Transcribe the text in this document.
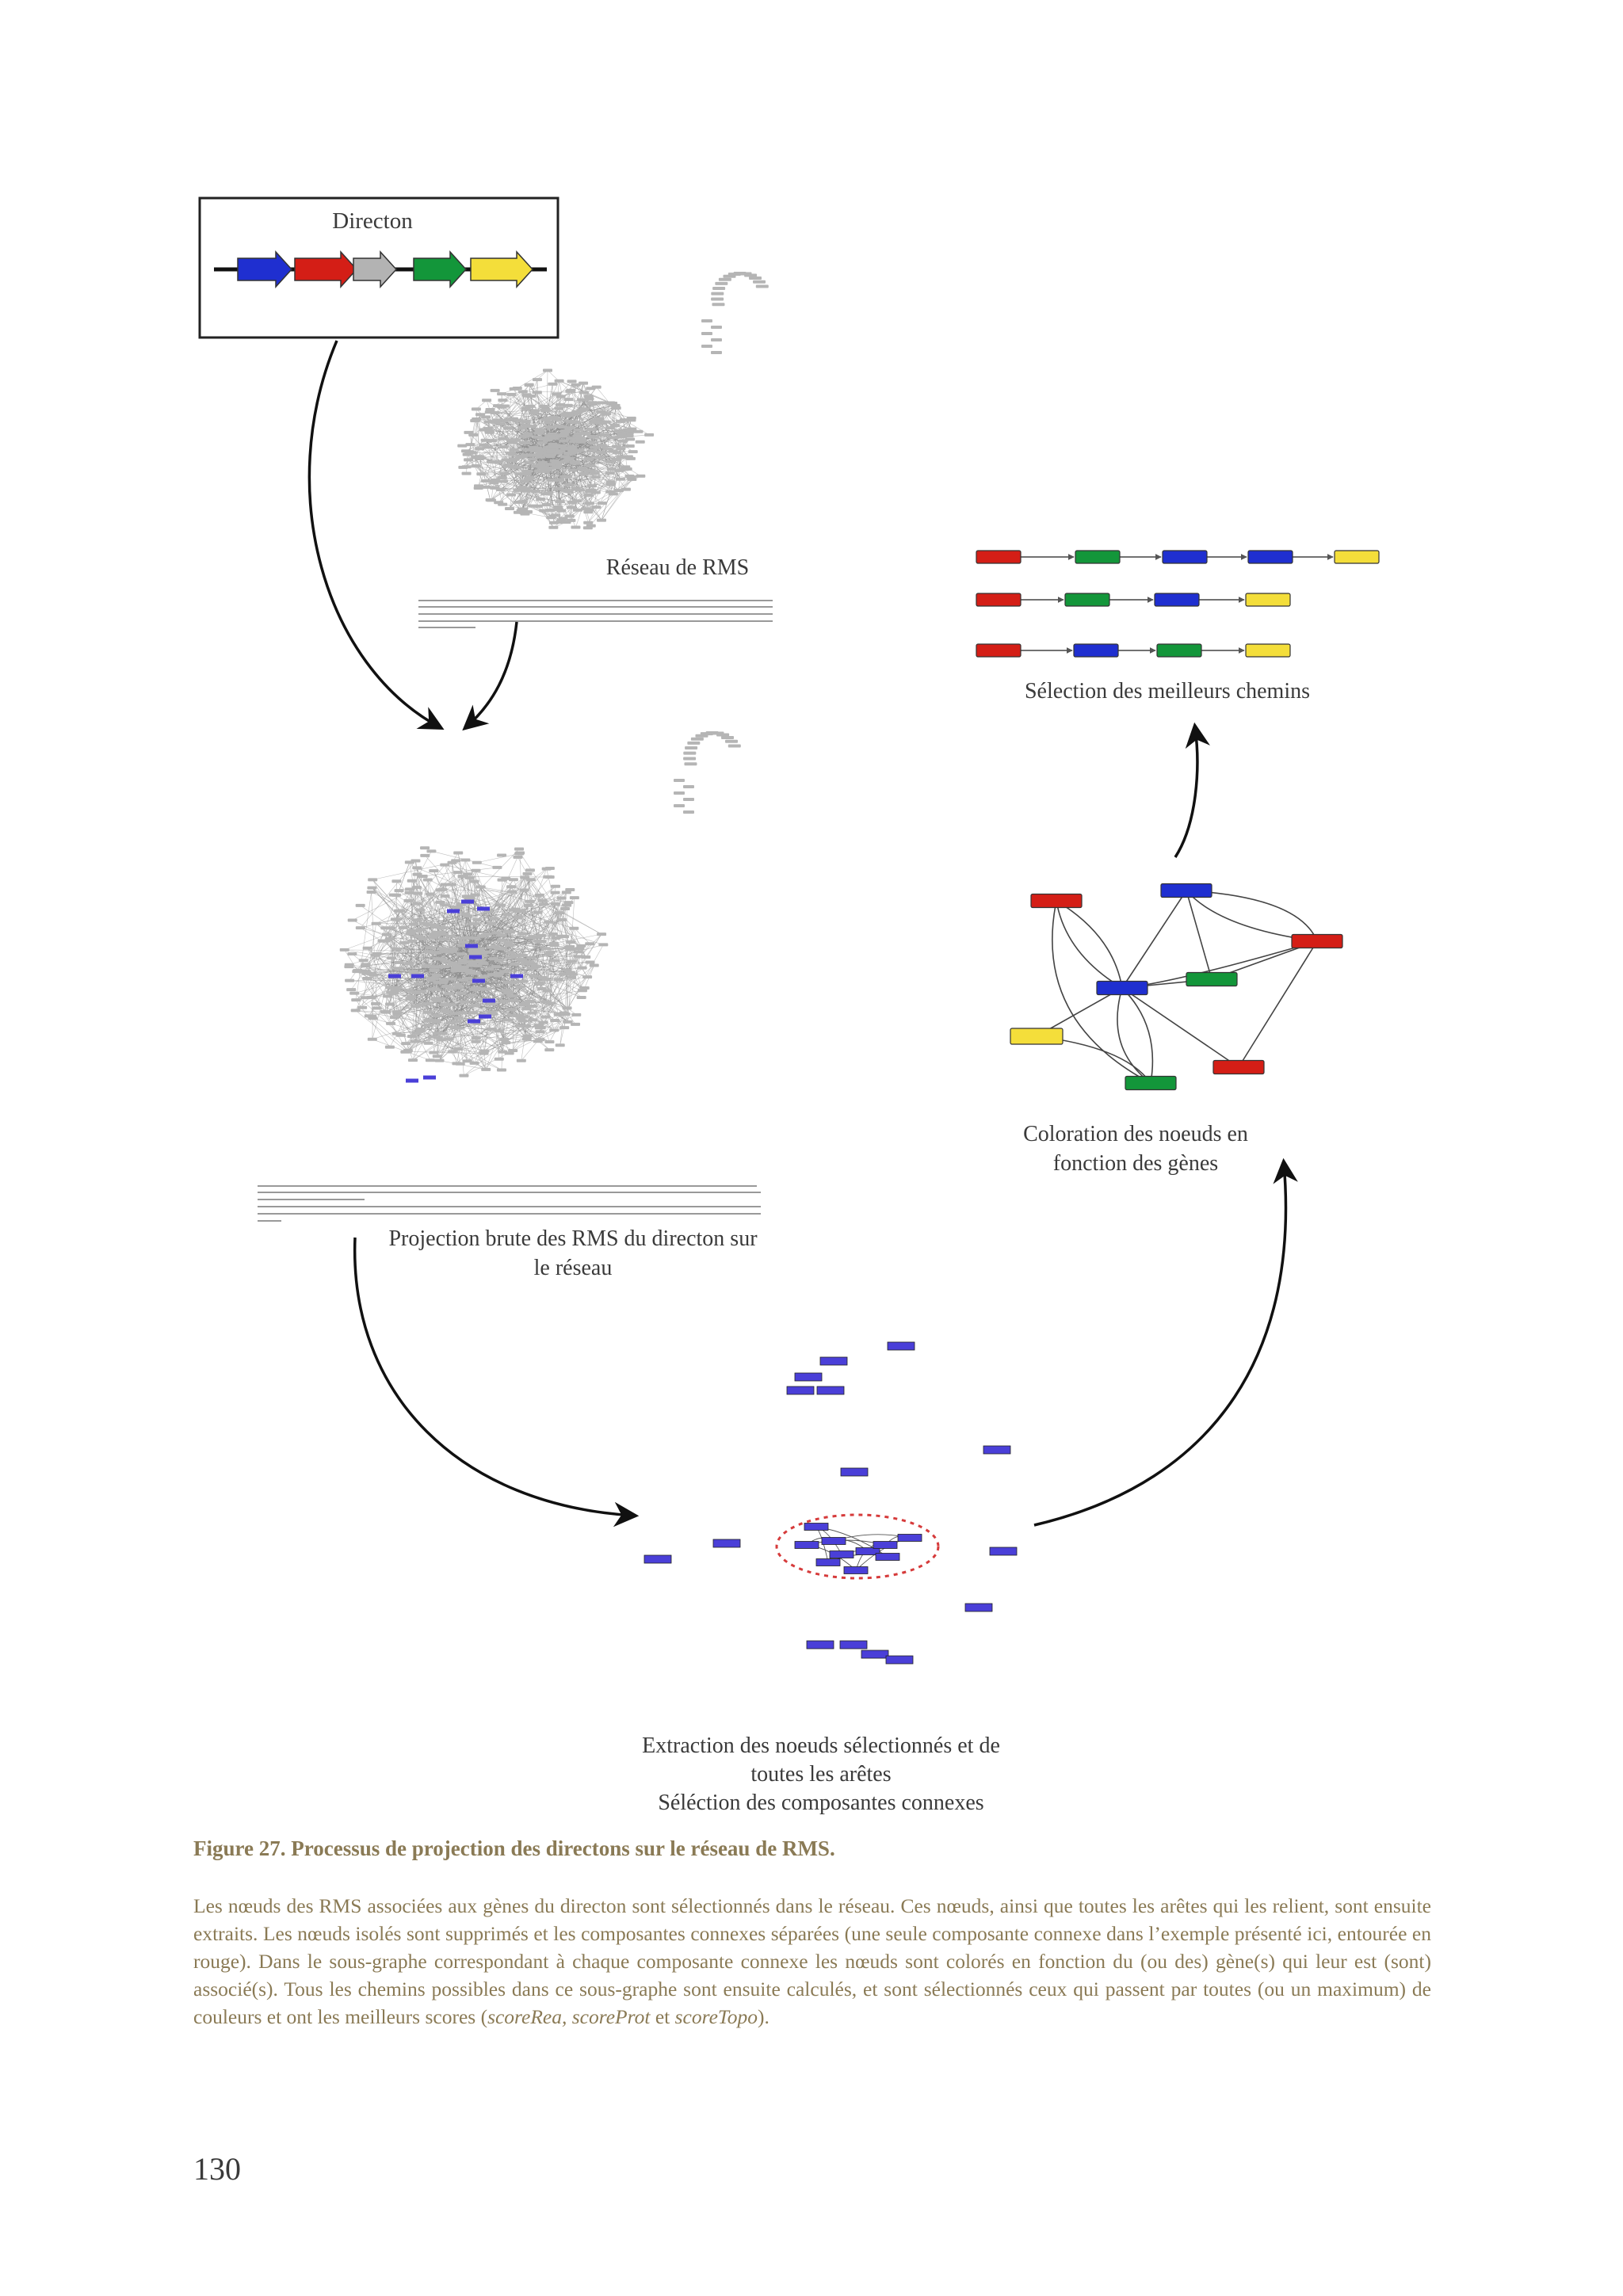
Directon
Réseau de RMS
Projection brute des RMS du directon sur
le réseau
Extraction des noeuds sélectionnés et de
toutes les arêtes
Séléction des composantes connexes
Coloration des noeuds en
fonction des gènes
Sélection des meilleurs chemins
Figure 27. Processus de projection des directons sur le réseau de RMS.
Les nœuds des RMS associées aux gènes du directon sont sélectionnés dans le réseau. Ces nœuds, ainsi que toutes les arêtes qui les relient, sont ensuite extraits. Les nœuds isolés sont supprimés et les composantes connexes séparées (une seule composante connexe dans l’exemple présenté ici, entourée en rouge). Dans le sous-graphe correspondant à chaque composante connexe les nœuds sont colorés en fonction du (ou des) gène(s) qui leur est (sont) associé(s). Tous les chemins possibles dans ce sous-graphe sont ensuite calculés, et sont sélectionnés ceux qui passent par toutes (ou un maximum) de couleurs et ont les meilleurs scores (scoreRea, scoreProt et scoreTopo).
130
